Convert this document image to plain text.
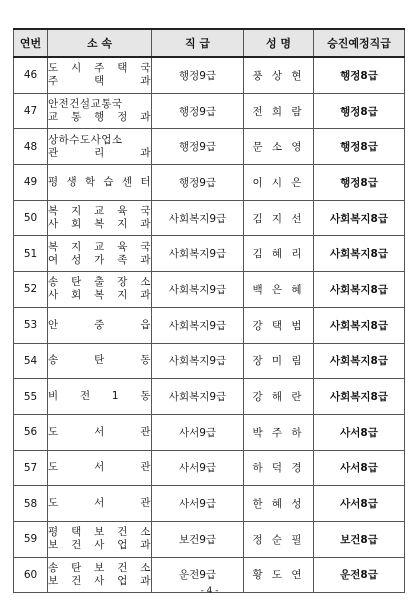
연번	소 속	직 급	성 명	승진예정직급
46	도 시 주 택 국
주 택 과	행정9급	풍 상 현	행정8급
47	안전건설교통국
교 통 행 정 과	행정9급	전 희 람	행정8급
48	상하수도사업소
관 리 과	행정9급	문 소 영	행정8급
49	평 생 학 습 센 터	행정9급	이 시 은	행정8급
50	복 지 교 육 국
사 회 복 지 과	사회복지9급	김 지 선	사회복지8급
51	복 지 교 육 국
여 성 가 족 과	사회복지9급	김 혜 리	사회복지8급
52	송 탄 출 장 소
사 회 복 지 과	사회복지9급	백 은 혜	사회복지8급
53	안 중 읍	사회복지9급	강 택 범	사회복지8급
54	송 탄 동	사회복지9급	장 미 림	사회복지8급
55	비 전 1 동	사회복지9급	강 해 란	사회복지8급
56	도 서 관	사서9급	박 주 하	사서8급
57	도 서 관	사서9급	하 덕 경	사서8급
58	도 서 관	사서9급	한 혜 성	사서8급
59	평 택 보 건 소
보 건 사 업 과	보건9급	정 순 필	보건8급
60	송 탄 보 건 소
보 건 사 업 과	운전9급	황 도 연	운전8급
- 4 -
